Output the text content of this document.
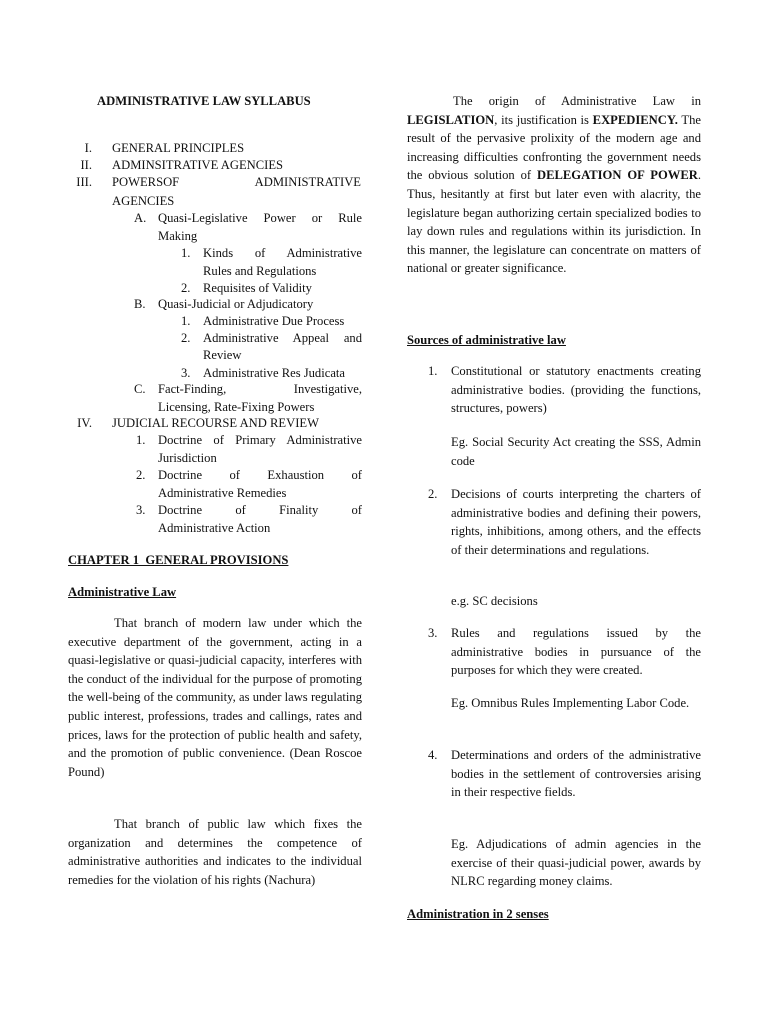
ADMINISTRATIVE LAW SYLLABUS
I. GENERAL PRINCIPLES
II. ADMINSITRATIVE AGENCIES
III. POWERSOF	ADMINISTRATIVE
AGENCIES
A. Quasi-Legislative Power or Rule
Making
1. Kinds of Administrative
Rules and Regulations
2. Requisites of Validity
B. Quasi-Judicial or Adjudicatory
1. Administrative Due Process
2. Administrative Appeal and
Review
3. Administrative Res Judicata
C. Fact-Finding, Investigative,
Licensing, Rate-Fixing Powers
IV. JUDICIAL RECOURSE AND REVIEW
1. Doctrine of Primary Administrative
Jurisdiction
2. Doctrine of Exhaustion of
Administrative Remedies
3. Doctrine of Finality of
Administrative Action
CHAPTER 1  GENERAL PROVISIONS
Administrative Law

That branch of modern law under which the executive department of the government, acting in a quasi-legislative or quasi-judicial capacity, interferes with the conduct of the individual for the purpose of promoting the well-being of the community, as under laws regulating public interest, professions, trades and callings, rates and prices, laws for the protection of public health and safety, and the promotion of public convenience. (Dean Roscoe Pound)

That branch of public law which fixes the organization and determines the competence of administrative authorities and indicates to the individual remedies for the violation of his rights (Nachura)

The origin of Administrative Law in LEGISLATION, its justification is EXPEDIENCY. The result of the pervasive prolixity of the modern age and increasing difficulties confronting the government needs the obvious solution of DELEGATION OF POWER. Thus, hesitantly at first but later even with alacrity, the legislature began authorizing certain specialized bodies to lay down rules and regulations within its jurisdiction. In this manner, the legislature can concentrate on matters of national or greater significance.

Sources of administrative law
1. Constitutional or statutory enactments creating administrative bodies. (providing the functions, structures, powers)

Eg. Social Security Act creating the SSS, Admin code

2. Decisions of courts interpreting the charters of administrative bodies and defining their powers, rights, inhibitions, among others, and the effects of their determinations and regulations.

e.g. SC decisions

3. Rules and regulations issued by the administrative bodies in pursuance of the purposes for which they were created.

Eg. Omnibus Rules Implementing Labor Code.

4. Determinations and orders of the administrative bodies in the settlement of controversies arising in their respective fields.

Eg. Adjudications of admin agencies in the exercise of their quasi-judicial power, awards by NLRC regarding money claims.

Administration in 2 senses
